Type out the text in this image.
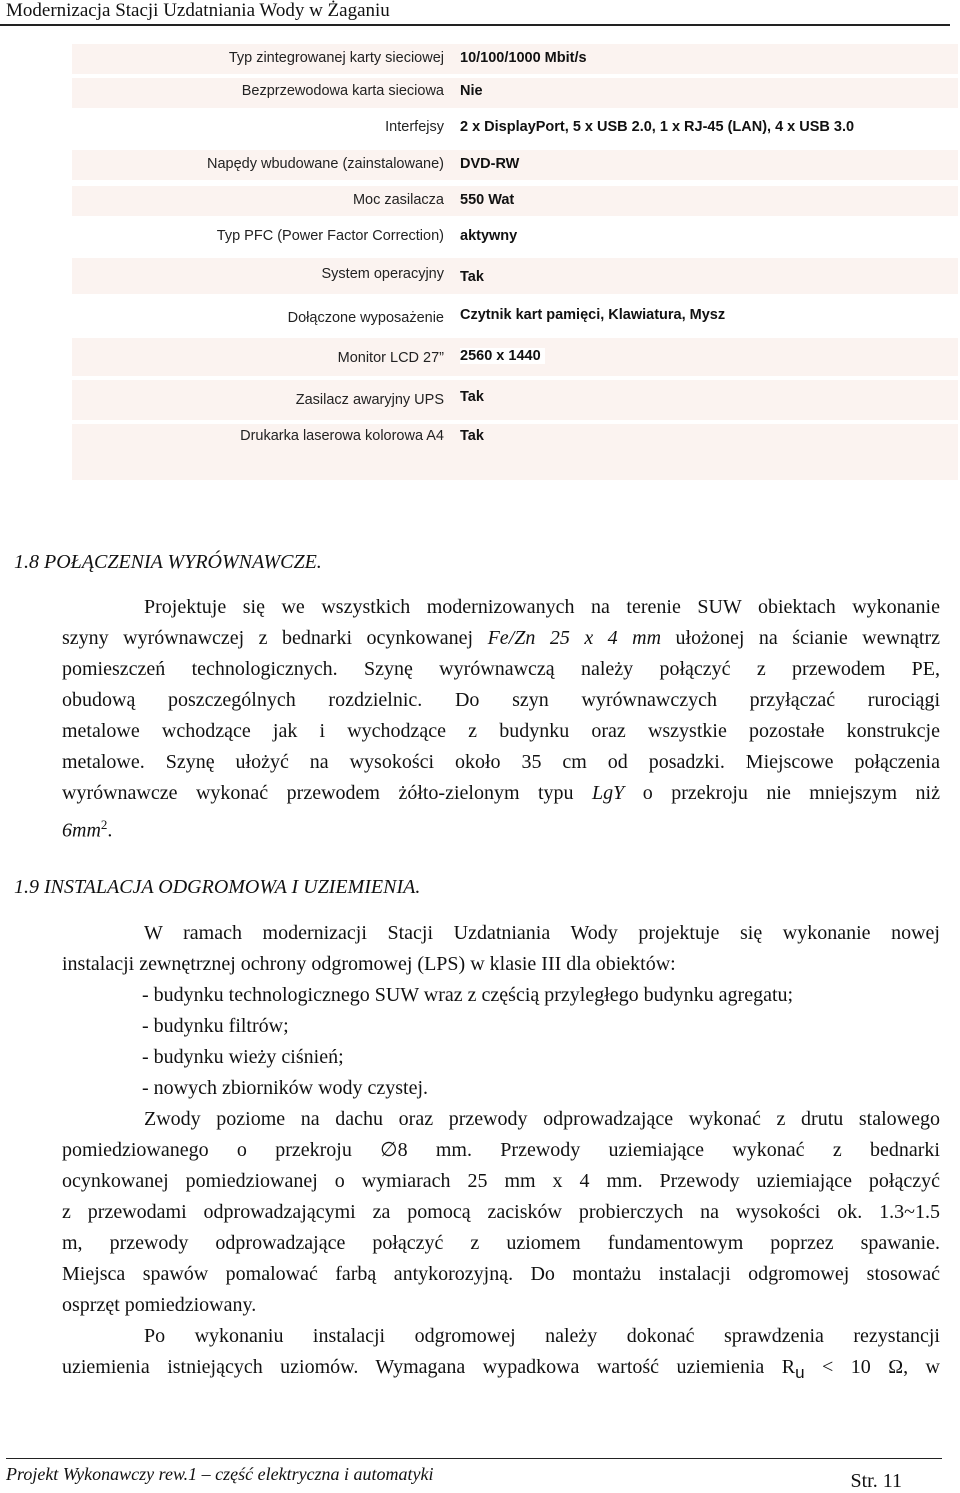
Modernizacja Stacji Uzdatniania Wody w Żaganiu
Typ zintegrowanej karty sieciowej 10/100/1000 Mbit/s
Bezprzewodowa karta sieciowa Nie
Interfejsy 2 x DisplayPort, 5 x USB 2.0, 1 x RJ-45 (LAN), 4 x USB 3.0
Napędy wbudowane (zainstalowane) DVD-RW
Moc zasilacza 550 Wat
Typ PFC (Power Factor Correction) aktywny
System operacyjny Tak
Dołączone wyposażenie Czytnik kart pamięci, Klawiatura, Mysz
Monitor LCD 27” 2560 x 1440
Zasilacz awaryjny UPS Tak
Drukarka laserowa kolorowa A4 Tak
1.8 POŁĄCZENIA WYRÓWNAWCZE.
Projektuje się we wszystkich modernizowanych na terenie SUW obiektach wykonanie
szyny wyrównawczej z bednarki ocynkowanej Fe/Zn 25 x 4 mm ułożonej na ścianie wewnątrz
pomieszczeń technologicznych. Szynę wyrównawczą należy połączyć z przewodem PE,
obudową poszczególnych rozdzielnic. Do szyn wyrównawczych przyłączać rurociągi
metalowe wchodzące jak i wychodzące z budynku oraz wszystkie pozostałe konstrukcje
metalowe. Szynę ułożyć na wysokości około 35 cm od posadzki. Miejscowe połączenia
wyrównawcze wykonać przewodem żółto-zielonym typu LgY o przekroju nie mniejszym niż
$6mm^2$.
1.9 INSTALACJA ODGROMOWA I UZIEMIENIA.
W ramach modernizacji Stacji Uzdatniania Wody projektuje się wykonanie nowej
instalacji zewnętrznej ochrony odgromowej (LPS) w klasie III dla obiektów:
- budynku technologicznego SUW wraz z częścią przyległego budynku agregatu;
- budynku filtrów;
- budynku wieży ciśnień;
- nowych zbiorników wody czystej.
Zwody poziome na dachu oraz przewody odprowadzające wykonać z drutu stalowego
pomiedziowanego o przekroju ∅8 mm. Przewody uziemiające wykonać z bednarki
ocynkowanej pomiedziowanej o wymiarach 25 mm x 4 mm. Przewody uziemiające połączyć
z przewodami odprowadzającymi za pomocą zacisków probierczych na wysokości ok. 1.3~1.5
m, przewody odprowadzające połączyć z uziomem fundamentowym poprzez spawanie.
Miejsca spawów pomalować farbą antykorozyjną. Do montażu instalacji odgromowej stosować
osprzęt pomiedziowany.
Po wykonaniu instalacji odgromowej należy dokonać sprawdzenia rezystancji
uziemienia istniejących uziomów. Wymagana wypadkowa wartość uziemienia $R_u < 10$ Ω, w
Projekt Wykonawczy rew.1 – część elektryczna i automatyki	Str. 11
